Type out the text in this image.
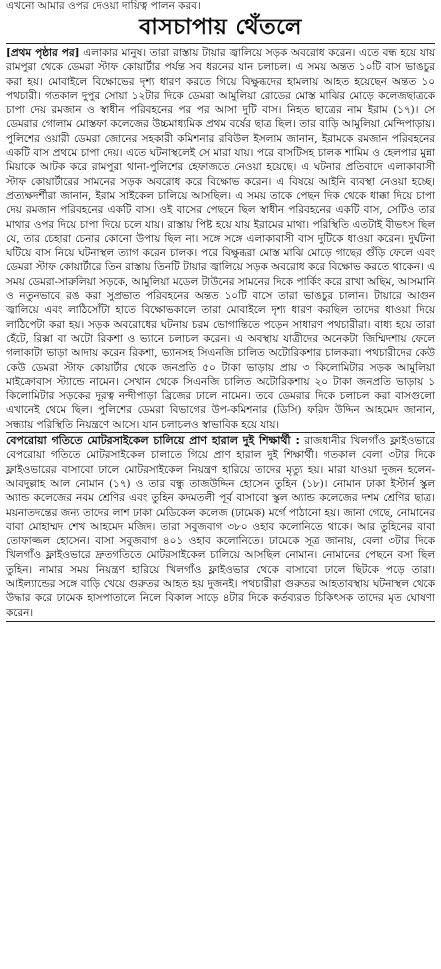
এখনো আমার ওপর দেওয়া দায়িত্ব পালন করব।
বাসচাপায় থেঁতলে

[প্রথম পৃষ্ঠার পর] এলাকার মানুষ। তারা রাস্তায় টায়ার জ্বালিয়ে সড়ক অবরোধ করেন। এতে বন্ধ হয়ে যায় রামপুরা থেকে ডেমরা স্টাফ কোয়ার্টার পর্যন্ত সব ধরনের যান চলাচল। এ সময় অন্তত ১০টি বাস ভাঙচুর করা হয়। মোবাইলে বিক্ষোভের দৃশ্য ধারণ করতে গিয়ে বিক্ষুব্ধদের হামলায় আহত হয়েছেন অন্তত ১০ পথচারী। গতকাল দুপুর সোয়া ১২টার দিকে ডেমরা আমুলিয়া রোডের মোস্ত মাঝির মোড়ে কলেজছাত্রকে চাপা দেয় রমজান ও স্বাধীন পরিবহনের পর পর আসা দুটি বাস। নিহত ছাত্রের নাম ইরাম (১৭)। সে ডেমরার গোলাম মোস্তফা কলেজের উচ্চমাধ্যমিক প্রথম বর্ষের ছাত্র ছিল। তার বাড়ি আমুলিয়া মেন্দিপাড়ায়। পুলিশের ওয়ারী ডেমরা জোনের সহকারী কমিশনার রবিউল ইসলাম জানান, ইরামকে রমজান পরিবহনের একটি বাস প্রথমে চাপা দেয়। এতে ঘটনাস্থলেই সে মারা যায়। পরে বাসটিসহ চালক শামিম ও হেলপার মুন্না মিয়াকে আটক করে রামপুরা থানা-পুলিশের হেফাজতে নেওয়া হয়েছে। এ ঘটনার প্রতিবাদে এলাকাবাসী স্টাফ কোয়ার্টারের সামনের সড়ক অবরোধ করে বিক্ষোভ করেন। এ বিষয়ে আইনি ব্যবস্থা নেওয়া হচ্ছে। প্রত্যক্ষদর্শীরা জানান, ইরাম সাইকেল চালিয়ে আসছিল। এ সময় তাকে পেছন দিক থেকে ধাক্কা দিয়ে চাপা দেয় রমজান পরিবহনের একটি বাস। ওই বাসের পেছনে ছিল স্বাধীন পরিবহনের একটি বাস, সেটিও তার মাথার ওপর দিয়ে চাপা দিয়ে চলে যায়। রাস্তায় পিষ্ট হয়ে যায় ইরামের মাথা। পরিস্থিতি এতটাই বীভৎস ছিল যে, তার চেহারা চেনার কোনো উপায় ছিল না। সঙ্গে সঙ্গে এলাকাবাসী বাস দুটিকে ধাওয়া করেন। দুর্ঘটনা ঘটিয়ে বাস নিয়ে ঘটনাস্থল ত্যাগ করেন চালক। পরে বিক্ষুব্ধরা মোস্ত মাঝি মোড়ে গাছের গুঁড়ি ফেলে এবং ডেমরা স্টাফ কোয়ার্টারে তিন রাস্তায় তিনটি টায়ার জ্বালিয়ে সড়ক অবরোধ করে বিক্ষোভ করতে থাকেন। এ সময় ডেমরা-সারুলিয়া সড়কে, আমুলিয়া মডেল টাউনের সামনের দিকে পার্কিং করে রাখা অছিম, আসমানি ও নতুনভাবে রঙ করা সুপ্রভাত পরিবহনের অন্তত ১০টি বাসে তারা ভাঙচুর চালান। টায়ারে আগুন জ্বালিয়ে এবং লাঠিসোঁটা হাতে বিক্ষোভকালে তারা মোবাইলে দৃশ্য ধারণ করছিল তাদের ধাওয়া দিয়ে লাঠিপেটা করা হয়। সড়ক অবরোধের ঘটনায় চরম ভোগান্তিতে পড়েন সাধারণ পথচারীরা। বাধ্য হয়ে তারা হেঁটে, রিক্সা বা অটো রিকশা ও ভ্যানে চলাচল করেন। এ অবস্থায় যাত্রীদের অনেকটা জিম্মিদশায় ফেলে গলাকাটা ভাড়া আদায় করেন রিকশা, ভ্যানসহ সিএনজি চালিত অটোরিকশার চালকরা। পথচারীদের কেউ কেউ ডেমরা স্টাফ কোয়ার্টার থেকে জনপ্রতি ৫০ টাকা ভাড়ায় প্রায় ৩ কিলোমিটার সড়ক আমুলিয়া মাইক্রোবাস স্ট্যান্ডে নামেন। সেখান থেকে সিএনজি চালিত অটোরিকশায় ২০ টাকা জনপ্রতি ভাড়ায় ১ কিলোমিটার সড়কের দূরত্ব নন্দীপাড়া ব্রিজের ঢালে নামেন। তবে ডেমরার দিকে চলাচল করা বাসগুলো এখানেই থেমে ছিল। পুলিশের ডেমরা বিভাগের উপ-কমিশনার (ডিসি) ফরিদ উদ্দিন আহমেদ জানান, সন্ধ্যায় পরিস্থিতি নিয়ন্ত্রণে আসে। যান চলাচলও স্বাভাবিক হয়ে যায়।

বেপরোয়া গতিতে মোটরসাইকেল চালিয়ে প্রাণ হারাল দুই শিক্ষার্থী : রাজধানীর খিলগাঁও ফ্লাইওভারে বেপরোয়া গতিতে মোটরসাইকেল চালাতে গিয়ে প্রাণ হারাল দুই শিক্ষার্থী। গতকাল বেলা ৩টার দিকে ফ্লাইওভারের বাসাবো ঢালে মোটরসাইকেল নিয়ন্ত্রণ হারিয়ে তাদের মৃত্যু হয়। মারা যাওয়া দুজন হলেন- আবদুল্লাহ আল নোমান (১৭) ও তার বন্ধু তাজউদ্দিন হোসেন তুহিন (১৮)। নোমান ঢাকা ইস্টার্ন স্কুল অ্যান্ড কলেজের নবম শ্রেণির এবং তুহিন কদমতলী পূর্ব বাসাবো স্কুল অ্যান্ড কলেজের দশম শ্রেণির ছাত্র। ময়নাতদন্তের জন্য তাদের লাশ ঢাকা মেডিকেল কলেজ (ঢামেক) মর্গে পাঠানো হয়। জানা গেছে, নোমানের বাবা মোহাম্মদ শেখ আহমেদ মজিদ। তারা সবুজবাগ ৩৮০ ওহাব কলোনিতে থাকে। আর তুহিনের বাবা তোফাজ্জল হোসেন। বাসা সবুজবাগ ৪০১ ওহাব কলোনিতে। ঢামেকে সূত্র জানায়, বেলা ৩টার দিকে খিলগাঁও ফ্লাইওভারে দ্রুতগতিতে মোটরসাইকেল চালিয়ে আসছিল নোমান। নোমানের পেছনে বসা ছিল তুহিন। নামার সময় নিয়ন্ত্রণ হারিয়ে খিলগাঁও ফ্লাইওভার থেকে বাসাবো ঢালে ছিটকে পড়ে তারা। আইল্যান্ডের সঙ্গে বাড়ি খেয়ে গুরুতর আহত হয় দুজনই। পথচারীরা গুরুতর আহতাবস্থায় ঘটনাস্থল থেকে উদ্ধার করে ঢামেক হাসপাতালে নিলে বিকাল সাড়ে ৪টার দিকে কর্তব্যরত চিকিৎসক তাদের মৃত ঘোষণা করেন।
